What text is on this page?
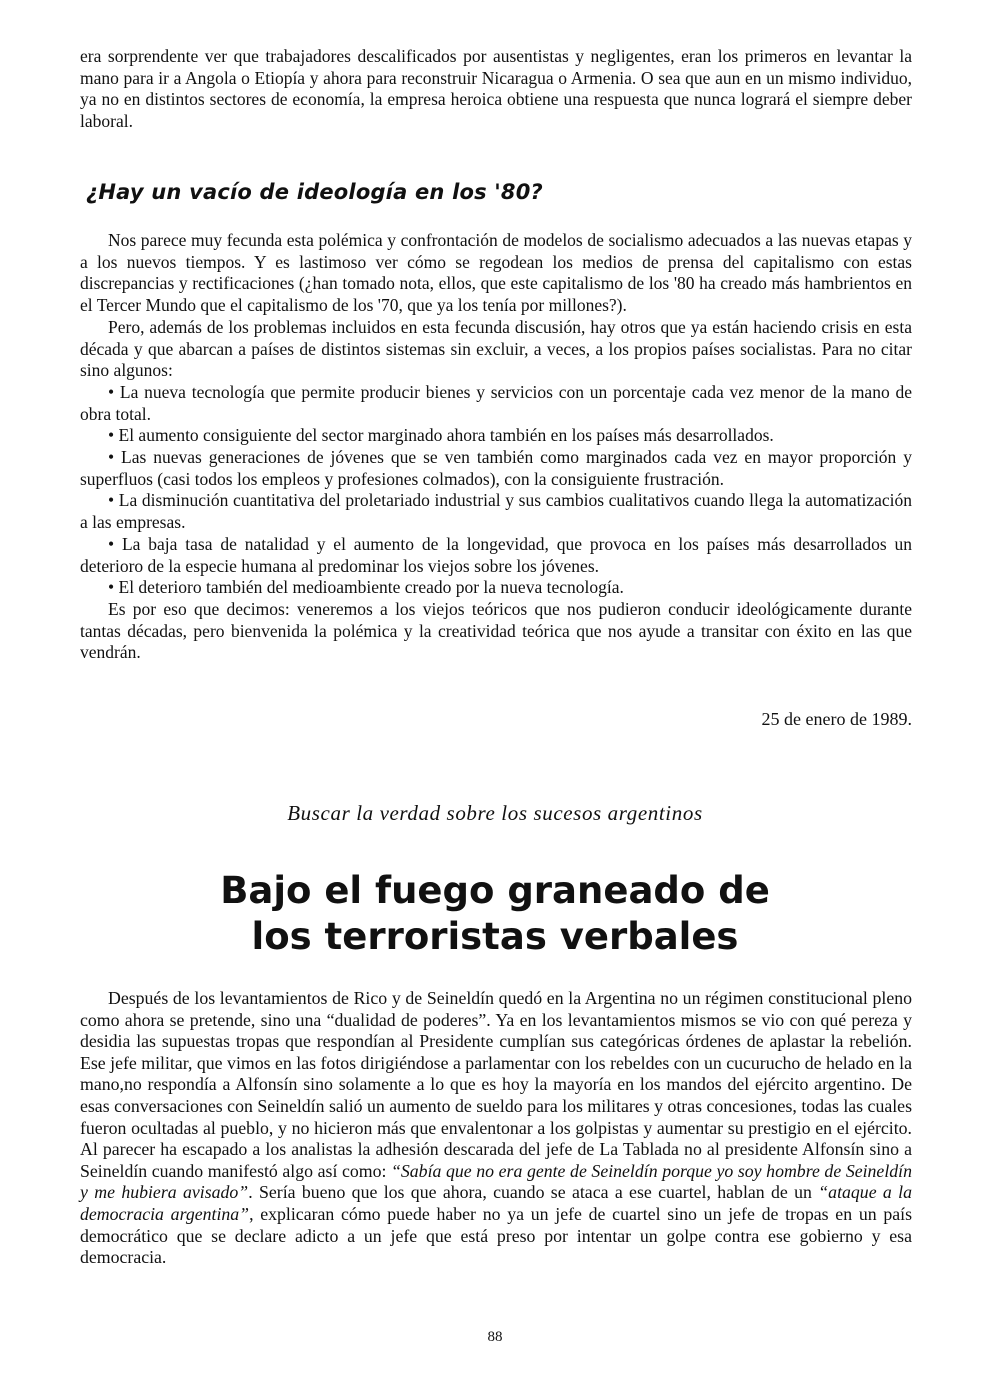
era sorprendente ver que trabajadores descalificados por ausentistas y negligentes, eran los primeros en levantar la mano para ir a Angola o Etiopía y ahora para reconstruir Nicaragua o Armenia. O sea que aun en un mismo individuo, ya no en distintos sectores de economía, la empresa heroica obtiene una respuesta que nunca logrará el siempre deber laboral.

¿Hay un vacío de ideología en los '80?
Nos parece muy fecunda esta polémica y confrontación de modelos de socialismo adecuados a las nuevas etapas y a los nuevos tiempos. Y es lastimoso ver cómo se regodean los medios de prensa del capitalismo con estas discrepancias y rectificaciones (¿han tomado nota, ellos, que este capitalismo de los '80 ha creado más hambrientos en el Tercer Mundo que el capitalismo de los '70, que ya los tenía por millones?).
Pero, además de los problemas incluidos en esta fecunda discusión, hay otros que ya están haciendo crisis en esta década y que abarcan a países de distintos sistemas sin excluir, a veces, a los propios países socialistas. Para no citar sino algunos:
• La nueva tecnología que permite producir bienes y servicios con un porcentaje cada vez menor de la mano de obra total.
• El aumento consiguiente del sector marginado ahora también en los países más desarrollados.
• Las nuevas generaciones de jóvenes que se ven también como marginados cada vez en mayor proporción y superfluos (casi todos los empleos y profesiones colmados), con la consiguiente frustración.
• La disminución cuantitativa del proletariado industrial y sus cambios cualitativos cuando llega la automatización a las empresas.
• La baja tasa de natalidad y el aumento de la longevidad, que provoca en los países más desarrollados un deterioro de la especie humana al predominar los viejos sobre los jóvenes.
• El deterioro también del medioambiente creado por la nueva tecnología.
Es por eso que decimos: veneremos a los viejos teóricos que nos pudieron conducir ideológicamente durante tantas décadas, pero bienvenida la polémica y la creatividad teórica que nos ayude a transitar con éxito en las que vendrán.

25 de enero de 1989.

Buscar la verdad sobre los sucesos argentinos

Bajo el fuego graneado de
los terroristas verbales

Después de los levantamientos de Rico y de Seineldín quedó en la Argentina no un régimen constitucional pleno como ahora se pretende, sino una “dualidad de poderes”. Ya en los levantamientos mismos se vio con qué pereza y desidia las supuestas tropas que respondían al Presidente cumplían sus categóricas órdenes de aplastar la rebelión. Ese jefe militar, que vimos en las fotos dirigiéndose a parlamentar con los rebeldes con un cucurucho de helado en la mano,no respondía a Alfonsín sino solamente a lo que es hoy la mayoría en los mandos del ejército argentino. De esas conversaciones con Seineldín salió un aumento de sueldo para los militares y otras concesiones, todas las cuales fueron ocultadas al pueblo, y no hicieron más que envalentonar a los golpistas y aumentar su prestigio en el ejército. Al parecer ha escapado a los analistas la adhesión descarada del jefe de La Tablada no al presidente Alfonsín sino a Seineldín cuando manifestó algo así como: “Sabía que no era gente de Seineldín porque yo soy hombre de Seineldín y me hubiera avisado”. Sería bueno que los que ahora, cuando se ataca a ese cuartel, hablan de un “ataque a la democracia argentina”, explicaran cómo puede haber no ya un jefe de cuartel sino un jefe de tropas en un país democrático que se declare adicto a un jefe que está preso por intentar un golpe contra ese gobierno y esa democracia.

88
